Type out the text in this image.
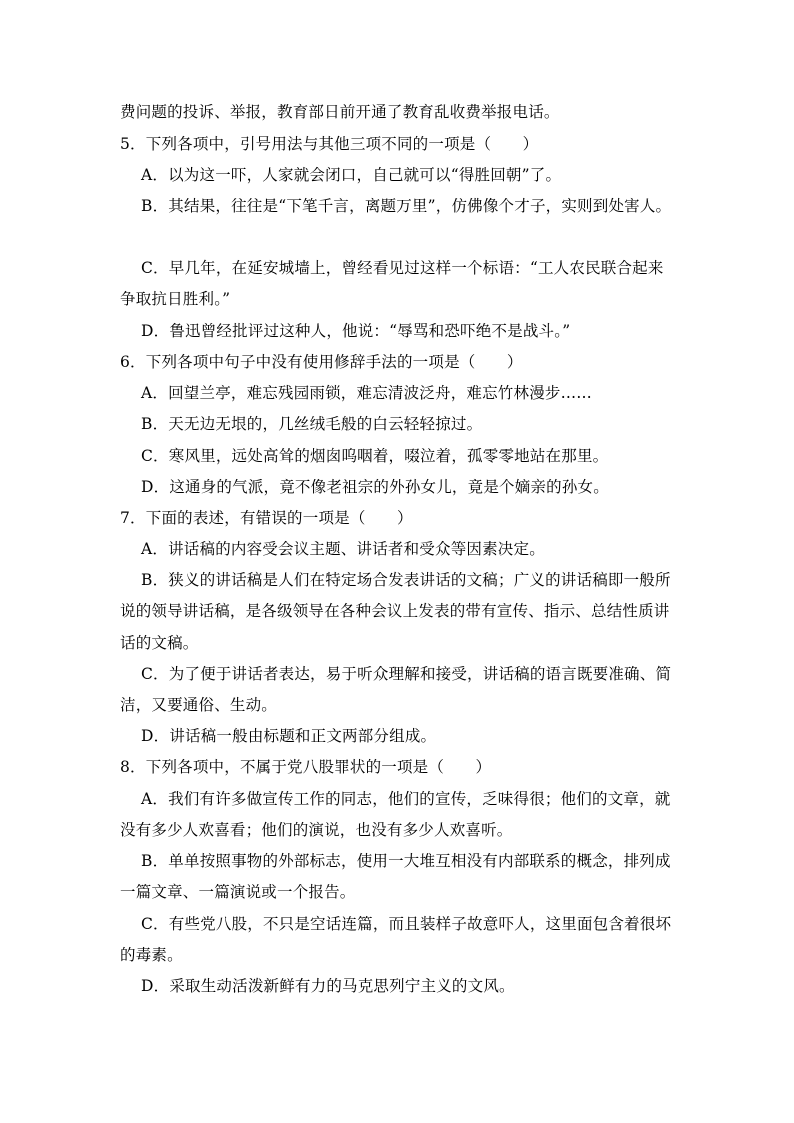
费问题的投诉、举报，教育部日前开通了教育乱收费举报电话。
5．下列各项中，引号用法与其他三项不同的一项是（　　）
A．以为这一吓，人家就会闭口，自己就可以“得胜回朝”了。
B．其结果，往往是“下笔千言，离题万里”，仿佛像个才子，实则到处害人。
C．早几年，在延安城墙上，曾经看见过这样一个标语：“工人农民联合起来
争取抗日胜利。”
D．鲁迅曾经批评过这种人，他说：“辱骂和恐吓绝不是战斗。”
6．下列各项中句子中没有使用修辞手法的一项是（　　）
A．回望兰亭，难忘残园雨锁，难忘清波泛舟，难忘竹林漫步……
B．天无边无垠的，几丝绒毛般的白云轻轻掠过。
C．寒风里，远处高耸的烟囱呜咽着，啜泣着，孤零零地站在那里。
D．这通身的气派，竟不像老祖宗的外孙女儿，竟是个嫡亲的孙女。
7．下面的表述，有错误的一项是（　　）
A．讲话稿的内容受会议主题、讲话者和受众等因素决定。
B．狭义的讲话稿是人们在特定场合发表讲话的文稿；广义的讲话稿即一般所
说的领导讲话稿，是各级领导在各种会议上发表的带有宣传、指示、总结性质讲
话的文稿。
C．为了便于讲话者表达，易于听众理解和接受，讲话稿的语言既要准确、简
洁，又要通俗、生动。
D．讲话稿一般由标题和正文两部分组成。
8．下列各项中，不属于党八股罪状的一项是（　　）
A．我们有许多做宣传工作的同志，他们的宣传，乏味得很；他们的文章，就
没有多少人欢喜看；他们的演说，也没有多少人欢喜听。
B．单单按照事物的外部标志，使用一大堆互相没有内部联系的概念，排列成
一篇文章、一篇演说或一个报告。
C．有些党八股，不只是空话连篇，而且装样子故意吓人，这里面包含着很坏
的毒素。
D．采取生动活泼新鲜有力的马克思列宁主义的文风。
